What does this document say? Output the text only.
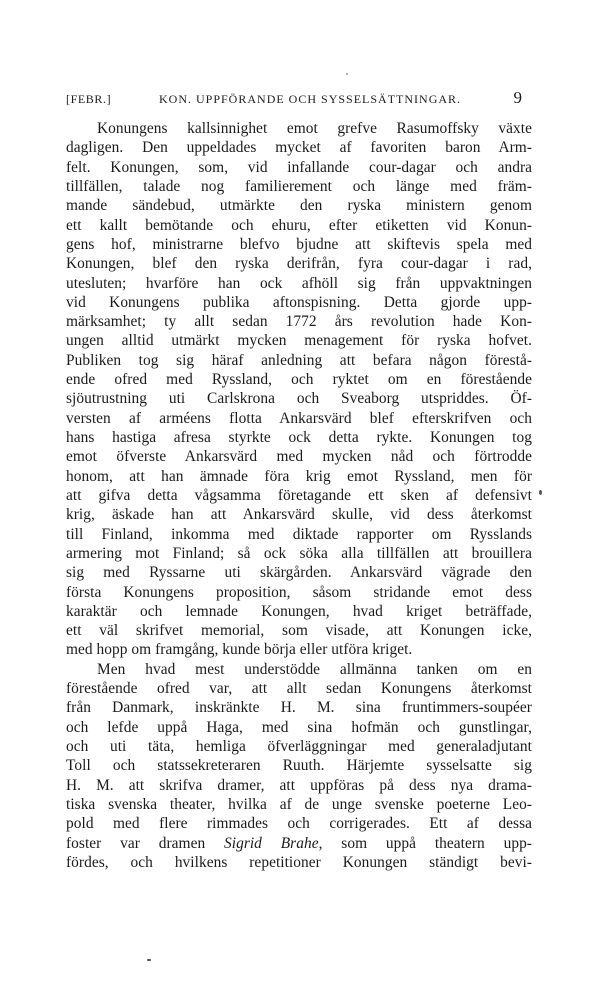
[FEBR.]	KON. UPPFÖRANDE OCH SYSSELSÄTTNINGAR.	9
Konungens kallsinnighet emot grefve Rasumoffsky växte
dagligen. Den uppeldades mycket af favoriten baron Arm-
felt. Konungen, som, vid infallande cour-dagar och andra
tillfällen, talade nog familierement och länge med främ-
mande sändebud, utmärkte den ryska ministern genom
ett kallt bemötande och ehuru, efter etiketten vid Konun-
gens hof, ministrarne blefvo bjudne att skiftevis spela med
Konungen, blef den ryska derifrån, fyra cour-dagar i rad,
utesluten; hvarföre han ock afhöll sig från uppvaktningen
vid Konungens publika aftonspisning. Detta gjorde upp-
märksamhet; ty allt sedan 1772 års revolution hade Kon-
ungen alltid utmärkt mycken menagement för ryska hofvet.
Publiken tog sig häraf anledning att befara någon förestå-
ende ofred med Ryssland, och ryktet om en förestående
sjöutrustning uti Carlskrona och Sveaborg utspriddes. Öf-
versten af arméens flotta Ankarsvärd blef efterskrifven och
hans hastiga afresa styrkte ock detta rykte. Konungen tog
emot öfverste Ankarsvärd med mycken nåd och förtrodde
honom, att han ämnade föra krig emot Ryssland, men för
att gifva detta vågsamma företagande ett sken af defensivt
krig, äskade han att Ankarsvärd skulle, vid dess återkomst
till Finland, inkomma med diktade rapporter om Rysslands
armering mot Finland; så ock söka alla tillfällen att brouillera
sig med Ryssarne uti skärgården. Ankarsvärd vägrade den
första Konungens proposition, såsom stridande emot dess
karaktär och lemnade Konungen, hvad kriget beträffade,
ett väl skrifvet memorial, som visade, att Konungen icke,
med hopp om framgång, kunde börja eller utföra kriget.
Men hvad mest understödde allmänna tanken om en
förestående ofred var, att allt sedan Konungens återkomst
från Danmark, inskränkte H. M. sina fruntimmers-soupéer
och lefde uppå Haga, med sina hofmän och gunstlingar,
och uti täta, hemliga öfverläggningar med generaladjutant
Toll och statssekreteraren Ruuth. Härjemte sysselsatte sig
H. M. att skrifva dramer, att uppföras på dess nya drama-
tiska svenska theater, hvilka af de unge svenske poeterne Leo-
pold med flere rimmades och corrigerades. Ett af dessa
foster var dramen Sigrid Brahe, som uppå theatern upp-
fördes, och hvilkens repetitioner Konungen ständigt bevi-
